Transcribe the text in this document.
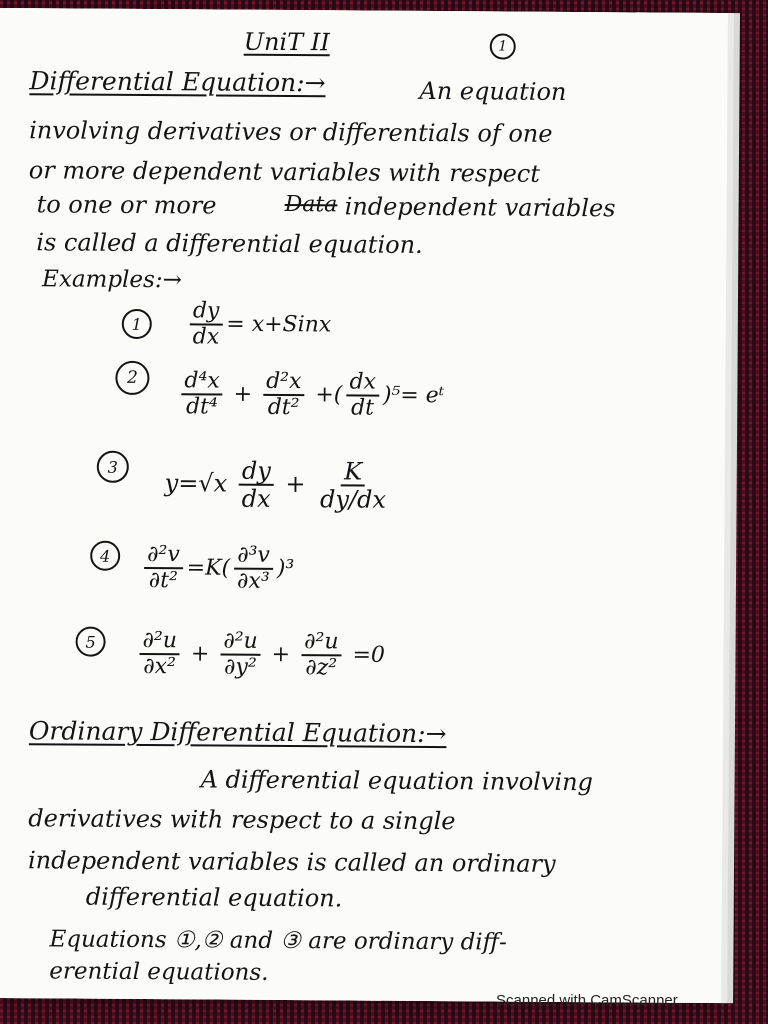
UniT II	1
Differential Equation:→	An equation
involving derivatives or differentials of one
or more dependent variables with respect
to one or more	Data independent variables
is called a differential equation.
Examples:→
1	$\frac{dy}{dx}$ = x+Sinx
2	$\frac{\text{d⁴x}}{\text{dt⁴}} + \frac{\text{d²x}}{\text{dt²}}$ +( $\frac{dx}{dt} )^5=$ eᵗ
3
$y=√x \frac{dy}{dx} + \frac{K}{dy/dx}$
4	$\frac{\text{∂²v}}{\text{∂t²}} =K( \frac{\text{∂³v}}{\text{∂x³}} )^3$
5	$\frac{\text{∂²u}}{\text{∂x²}} + \frac{\text{∂²u}}{\text{∂y²}} + \frac{\text{∂²u}}{\text{∂z²}} =0$
Ordinary Differential Equation:→
A differential equation involving
derivatives with respect to a single
independent variables is called an ordinary
differential equation.
Equations ①,② and ③ are ordinary diff-
erential equations.
Scanned with CamScanner
